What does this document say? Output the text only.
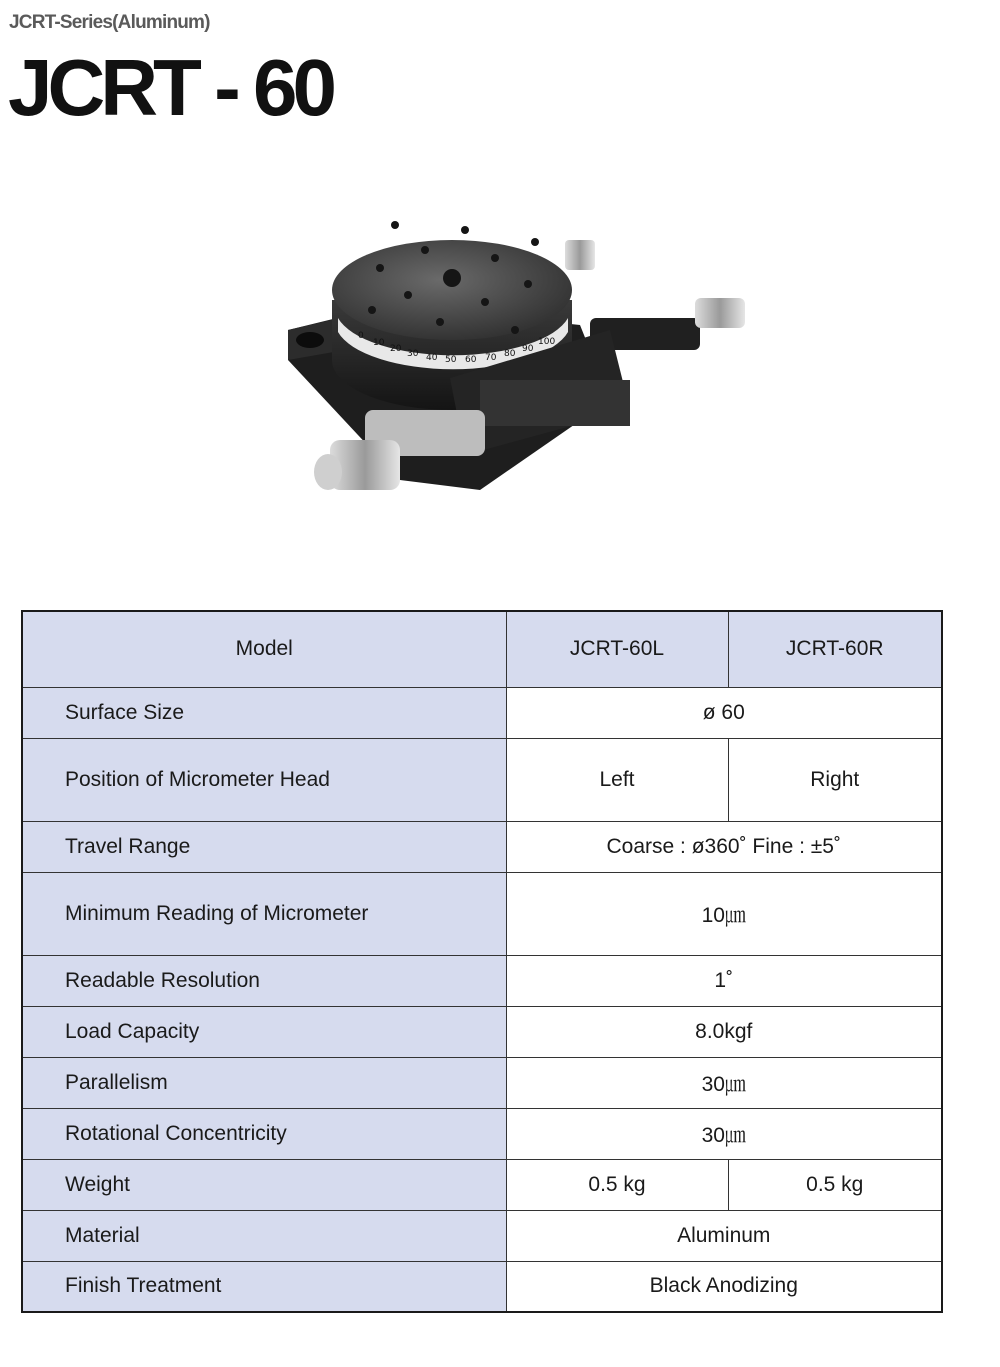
JCRT-Series(Aluminum)
JCRT - 60
0
10
20 30 40 50 60 70 80 90
100
Model	JCRT-60L	JCRT-60R
Surface Size	ø 60	
Position of Micrometer Head	Left	Right
Travel Range	Coarse : ø360˚ Fine : ±5˚	
Minimum Reading of Micrometer	10㎛	
Readable Resolution	1˚	
Load Capacity	8.0kgf	
Parallelism	30㎛	
Rotational Concentricity	30㎛	
Weight	0.5 kg	0.5 kg
Material	Aluminum	
Finish Treatment	Black Anodizing	
